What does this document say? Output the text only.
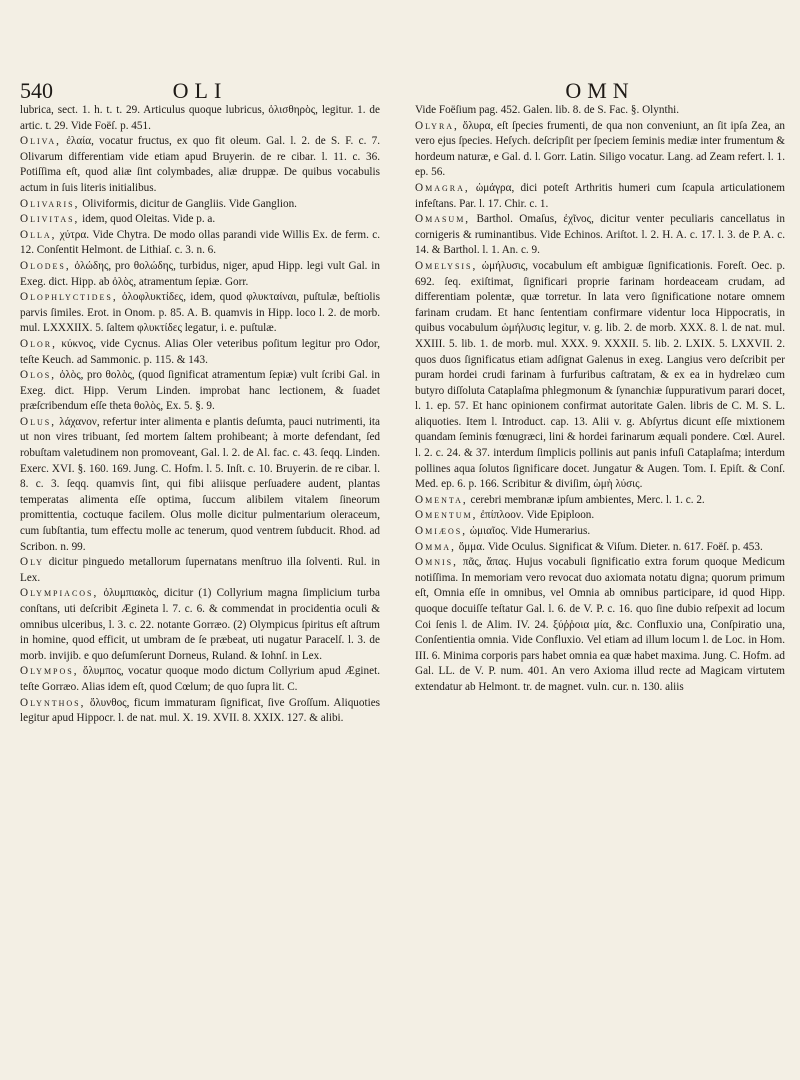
540	OLI	OMN

lubrica, sect. 1. h. t. t. 29. Articulus quoque lubricus, ὀλισθηρὸς, legitur. 1. de artic. t. 29. Vide Foëſ. p. 451.

Oliva, ἐλαία, vocatur fructus, ex quo fit oleum. Gal. l. 2. de S. F. c. 7. Olivarum differentiam vide etiam apud Bruyerin. de re cibar. l. 11. c. 36. Potiſſima eſt, quod aliæ ſint colymbades, aliæ druppæ. De quibus vocabulis actum in ſuis literis initialibus.

Olivaris, Oliviformis, dicitur de Gangliis. Vide Ganglion.

Olivitas, idem, quod Oleitas. Vide p. a.

Olla, χύτρα. Vide Chytra. De modo ollas parandi vide Willis Ex. de ferm. c. 12. Conſentit Helmont. de Lithiaſ. c. 3. n. 6.

Olodes, ὀλώδης, pro θολώδης, turbidus, niger, apud Hipp. legi vult Gal. in Exeg. dict. Hipp. ab ὀλὸς, atramentum ſepiæ. Gorr.

Olophlyctides, ὀλοφλυκτίδες, idem, quod φλυκταίναι, puſtulæ, beſtiolis parvis ſimiles. Erot. in Onom. p. 85. A. B. quamvis in Hipp. loco l. 2. de morb. mul. LXXXIIX. 5. ſaltem φλυκτίδες legatur, i. e. puſtulæ.

Olor, κύκνος, vide Cycnus. Alias Oler veteribus poſitum legitur pro Odor, teſte Keuch. ad Sammonic. p. 115. & 143.

Olos, ὀλὸς, pro θολὸς, (quod ſignificat atramentum ſepiæ) vult ſcribi Gal. in Exeg. dict. Hipp. Verum Linden. improbat hanc lectionem, & ſuadet præſcribendum eſſe theta θολὸς, Ex. 5. §. 9.

Olus, λάχανον, refertur inter alimenta e plantis deſumta, pauci nutrimenti, ita ut non vires tribuant, ſed mortem ſaltem prohibeant; à morte defendant, ſed robuſtam valetudinem non promoveant, Gal. l. 2. de Al. fac. c. 43. ſeqq. Linden. Exerc. XVI. §. 160. 169. Jung. C. Hofm. l. 5. Inſt. c. 10. Bruyerin. de re cibar. l. 8. c. 3. ſeqq. quamvis ſint, qui fibi aliisque perſuadere audent, plantas temperatas alimenta eſſe optima, ſuccum alibilem vitalem ſineorum promittentia, coctuque facilem. Olus molle dicitur pulmentarium oleraceum, cum ſubſtantia, tum effectu molle ac tenerum, quod ventrem ſubducit. Rhod. ad Scribon. n. 99.

Oly dicitur pinguedo metallorum ſupernatans menſtruo illa ſolventi. Rul. in Lex.

Olympiacos, ὀλυμπιακὸς, dicitur (1) Collyrium magna ſimplicium turba conſtans, uti deſcribit Ægineta l. 7. c. 6. & commendat in procidentia oculi & omnibus ulceribus, l. 3. c. 22. notante Gorræo. (2) Olympicus ſpiritus eſt aſtrum in homine, quod efficit, ut umbram de ſe præbeat, uti nugatur Paracelſ. l. 3. de morb. invijib. e quo deſumſerunt Dorneus, Ruland. & Iohnſ. in Lex.

Olympos, ὄλυμπος, vocatur quoque modo dictum Collyrium apud Æginet. teſte Gorræo. Alias idem eſt, quod Cœlum; de quo ſupra lit. C.

Olynthos, ὄλυνθος, ficum immaturam ſignificat, ſive Groſſum. Aliquoties legitur apud Hippocr. l. de nat. mul. X. 19. XVII. 8. XXIX. 127. & alibi.

Vide Foëſium pag. 452. Galen. lib. 8. de S. Fac. §. Olynthi.

Olyra, ὄλυρα, eſt ſpecies frumenti, de qua non conveniunt, an ſit ipſa Zea, an vero ejus ſpecies. Heſych. deſcripſit per ſpeciem ſeminis mediæ inter frumentum & hordeum naturæ, e Gal. d. l. Gorr. Latin. Siligo vocatur. Lang. ad Zeam refert. l. 1. ep. 56.

Omagra, ὠμάγρα, dici poteſt Arthritis humeri cum ſcapula articulationem infeſtans. Par. l. 17. Chir. c. 1.

Omasum, Barthol. Omaſus, ἐχῖνος, dicitur venter peculiaris cancellatus in cornigeris & ruminantibus. Vide Echinos. Ariſtot. l. 2. H. A. c. 17. l. 3. de P. A. c. 14. & Barthol. l. 1. An. c. 9.

Omelysis, ὠμήλυσις, vocabulum eſt ambiguæ ſignificationis. Foreſt. Oec. p. 692. ſeq. exiſtimat, ſignificari proprie farinam hordeaceam crudam, ad differentiam polentæ, quæ torretur. In lata vero ſignificatione notare omnem farinam crudam. Et hanc ſententiam confirmare videntur loca Hippocratis, in quibus vocabulum ὠμήλυσις legitur, v. g. lib. 2. de morb. XXX. 8. l. de nat. mul. XXIII. 5. lib. 1. de morb. mul. XXX. 9. XXXII. 5. lib. 2. LXIX. 5. LXXVII. 2. quos duos ſignificatus etiam adſignat Galenus in exeg. Langius vero deſcribit per puram hordei crudi farinam à furfuribus caſtratam, & ex ea in hydrelæo cum butyro diſſoluta Cataplaſma phlegmonum & ſynanchiæ ſuppurativum parari docet, l. 1. ep. 57. Et hanc opinionem confirmat autoritate Galen. libris de C. M. S. L. aliquoties. Item l. Introduct. cap. 13. Alii v. g. Abſyrtus dicunt eſſe mixtionem quandam ſeminis fœnugræci, lini & hordei farinarum æquali pondere. Cœl. Aurel. l. 2. c. 24. & 37. interdum ſimplicis pollinis aut panis infuſi Cataplaſma; interdum pollines aqua ſolutos ſignificare docet. Jungatur & Augen. Tom. I. Epiſt. & Conſ. Med. ep. 6. p. 166. Scribitur & diviſim, ὠμὴ λύσις.

Omenta, cerebri membranæ ipſum ambientes, Merc. l. 1. c. 2.

Omentum, ἐπίπλοον. Vide Epiploon.

Omiæos, ὠμιαῖος. Vide Humerarius.

Omma, ὄμμα. Vide Oculus. Significat & Viſum. Dieter. n. 617. Foëſ. p. 453.

Omnis, πᾶς, ἅπας. Hujus vocabuli ſignificatio extra forum quoque Medicum notiſſima. In memoriam vero revocat duo axiomata notatu digna; quorum primum eſt, Omnia eſſe in omnibus, vel Omnia ab omnibus participare, id quod Hipp. quoque docuiſſe teſtatur Gal. l. 6. de V. P. c. 16. quo ſine dubio reſpexit ad locum Coi ſenis l. de Alim. IV. 24. ξύῤῥοια μία, &c. Confluxio una, Conſpiratio una, Conſentientia omnia. Vide Confluxio. Vel etiam ad illum locum l. de Loc. in Hom. III. 6. Minima corporis pars habet omnia ea quæ habet maxima. Jung. C. Hofm. ad Gal. LL. de V. P. num. 401. An vero Axioma illud recte ad Magicam virtutem extendatur ab Helmont. tr. de magnet. vuln. cur. n. 130. aliis
